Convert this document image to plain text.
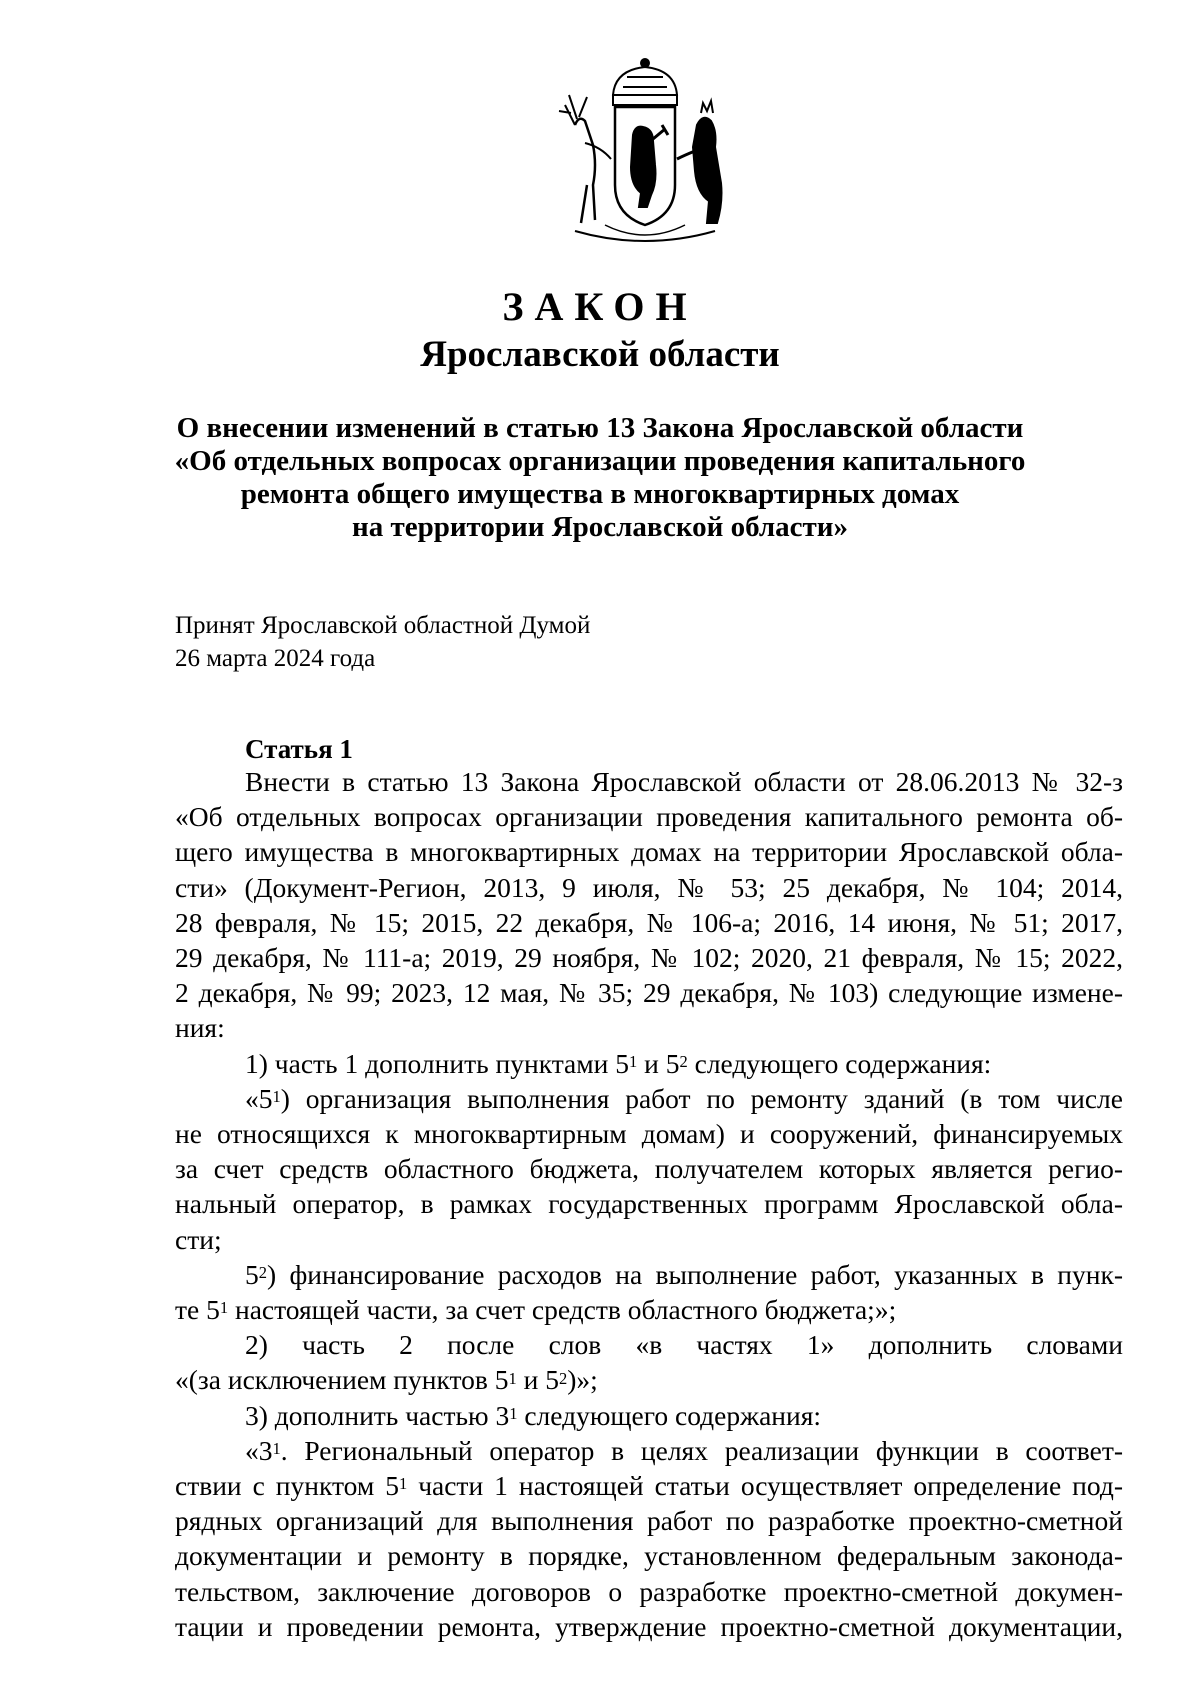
ЗАКОН
Ярославской области
О внесении изменений в статью 13 Закона Ярославской области
«Об отдельных вопросах организации проведения капитального
ремонта общего имущества в многоквартирных домах
на территории Ярославской области»
Принят Ярославской областной Думой
26 марта 2024 года
Статья 1
Внести в статью 13 Закона Ярославской области от 28.06.2013 № 32-з
«Об отдельных вопросах организации проведения капитального ремонта об-
щего имущества в многоквартирных домах на территории Ярославской обла-
сти» (Документ-Регион, 2013, 9 июля, № 53; 25 декабря, № 104; 2014,
28 февраля, № 15; 2015, 22 декабря, № 106-а; 2016, 14 июня, № 51; 2017,
29 декабря, № 111-а; 2019, 29 ноября, № 102; 2020, 21 февраля, № 15; 2022,
2 декабря, № 99; 2023, 12 мая, № 35; 29 декабря, № 103) следующие измене-
ния:
1) часть 1 дополнить пунктами $5^1$ и $5^2$ следующего содержания:
«$5^1$) организация выполнения работ по ремонту зданий (в том числе
не относящихся к многоквартирным домам) и сооружений, финансируемых
за счет средств областного бюджета, получателем которых является регио-
нальный оператор, в рамках государственных программ Ярославской обла-
сти;
$5^2$) финансирование расходов на выполнение работ, указанных в пунк-
те $5^1$ настоящей части, за счет средств областного бюджета;»;
2) часть 2 после слов «в частях 1» дополнить словами
«(за исключением пунктов $5^1$ и $5^2$)»;
3) дополнить частью $3^1$ следующего содержания:
«$3^1$. Региональный оператор в целях реализации функции в соответ-
ствии с пунктом $5^1$ части 1 настоящей статьи осуществляет определение под-
рядных организаций для выполнения работ по разработке проектно-сметной
документации и ремонту в порядке, установленном федеральным законода-
тельством, заключение договоров о разработке проектно-сметной докумен-
тации и проведении ремонта, утверждение проектно-сметной документации,
